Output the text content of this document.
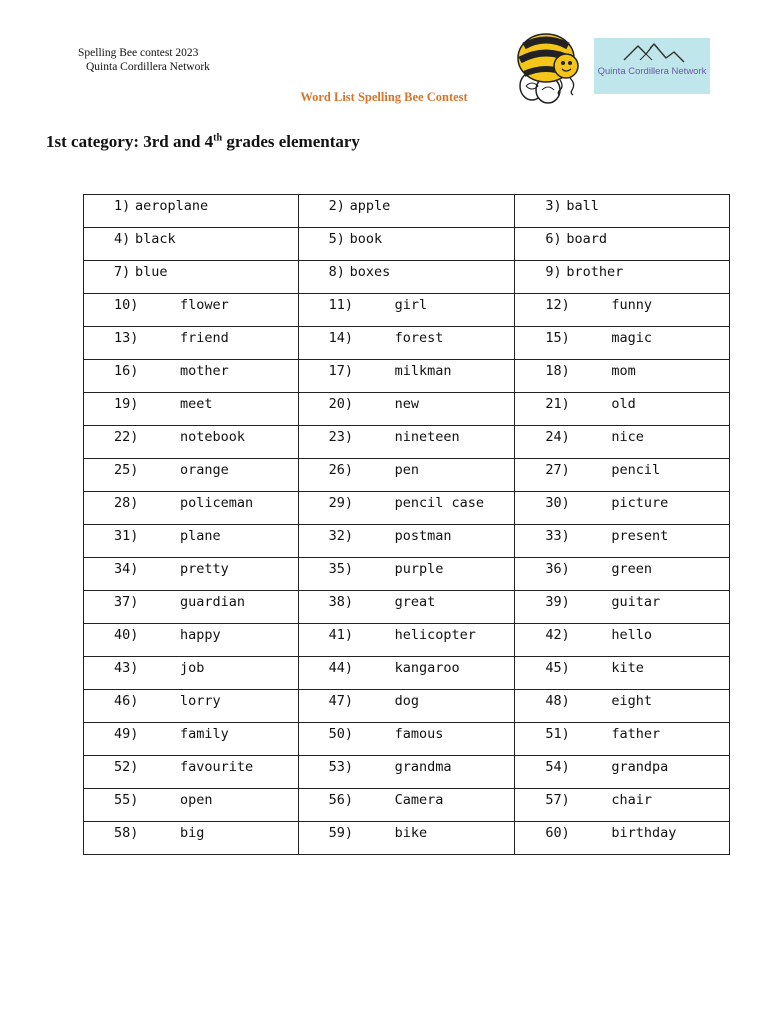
Spelling Bee contest 2023
Quinta Cordillera Network	Quinta Cordillera Network
Word List Spelling Bee Contest
1st category: 3rd and 4th grades elementary
1) aeroplane	2) apple	3) ball

4) black	5) book	6) board

7) blue	8) boxes	9) brother

10) flower	11) girl	12) funny

13) friend	14) forest	15) magic

16) mother	17) milkman	18) mom

19) meet	20) new	21) old

22) notebook	23) nineteen	24) nice

25) orange	26) pen	27) pencil

28) policeman	29) pencil case	30) picture

31) plane	32) postman	33) present

34) pretty	35) purple	36) green

37) guardian	38) great	39) guitar

40) happy	41) helicopter	42) hello

43) job	44) kangaroo	45) kite

46) lorry	47) dog	48) eight

49) family	50) famous	51) father

52) favourite	53) grandma	54) grandpa

55) open	56) Camera	57) chair

58) big	59) bike	60) birthday
